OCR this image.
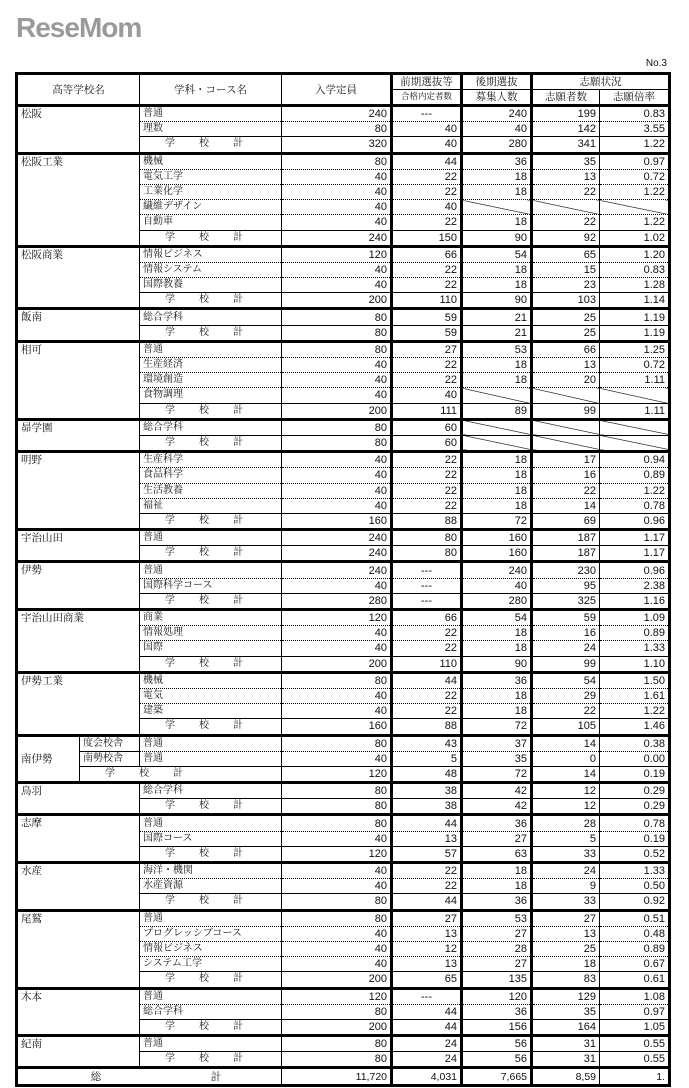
No.3
高等学校名		学科・コース名	入学定員	前期選抜等	後期選抜	志願状況	
				合格内定者数	募集人数	志願者数	志願倍率
松阪		普通	240	---	240	199	0.83
		理数	80	40	40	142	3.55
		学 校 計	320	40	280	341	1.22
松阪工業		機械	80	44	36	35	0.97
		電気工学	40	22	18	13	0.72
		工業化学	40	22	18	22	1.22
		繊維デザイン	40	40			
		自動車	40	22	18	22	1.22
		学 校 計	240	150	90	92	1.02
松阪商業		情報ビジネス	120	66	54	65	1.20
		情報システム	40	22	18	15	0.83
		国際教養	40	22	18	23	1.28
		学 校 計	200	110	90	103	1.14
飯南		総合学科	80	59	21	25	1.19
		学 校 計	80	59	21	25	1.19
相可		普通	80	27	53	66	1.25
		生産経済	40	22	18	13	0.72
		環境創造	40	22	18	20	1.11
		食物調理	40	40			
		学 校 計	200	111	89	99	1.11
昴学園		総合学科	80	60			
		学 校 計	80	60			
明野		生産科学	40	22	18	17	0.94
		食品科学	40	22	18	16	0.89
		生活教養	40	22	18	22	1.22
		福祉	40	22	18	14	0.78
		学 校 計	160	88	72	69	0.96
宇治山田		普通	240	80	160	187	1.17
		学 校 計	240	80	160	187	1.17
伊勢		普通	240	---	240	230	0.96
		国際科学コース	40	---	40	95	2.38
		学 校 計	280	---	280	325	1.16
宇治山田商業		商業	120	66	54	59	1.09
		情報処理	40	22	18	16	0.89
		国際	40	22	18	24	1.33
		学 校 計	200	110	90	99	1.10
伊勢工業		機械	80	44	36	54	1.50
		電気	40	22	18	29	1.61
		建築	40	22	18	22	1.22
		学 校 計	160	88	72	105	1.46
南伊勢	度会校舎	普通	80	43	37	14	0.38
	南勢校舎	普通	40	5	35	0	0.00
	学 校 計		120	48	72	14	0.19
鳥羽		総合学科	80	38	42	12	0.29
		学 校 計	80	38	42	12	0.29
志摩		普通	80	44	36	28	0.78
		国際コース	40	13	27	5	0.19
		学 校 計	120	57	63	33	0.52
水産		海洋・機関	40	22	18	24	1.33
		水産資源	40	22	18	9	0.50
		学 校 計	80	44	36	33	0.92
尾鷲		普通	80	27	53	27	0.51
		プログレッシブコース	40	13	27	13	0.48
		情報ビジネス	40	12	28	25	0.89
		システム工学	40	13	27	18	0.67
		学 校 計	200	65	135	83	0.61
木本		普通	120	---	120	129	1.08
		総合学科	80	44	36	35	0.97
		学 校 計	200	44	156	164	1.05
紀南		普通	80	24	56	31	0.55
		学 校 計	80	24	56	31	0.55
総 計			11,720	4,031	7,665	8,59	1.
ReseMom
